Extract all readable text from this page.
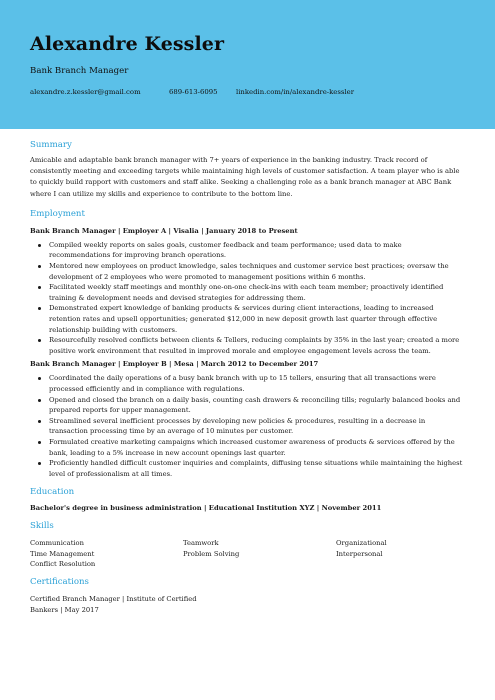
Alexandre Kessler
Bank Branch Manager
alexandre.z.kessler@gmail.com	689-613-6095	linkedin.com/in/alexandre-kessler
Summary

Amicable and adaptable bank branch manager with 7+ years of experience in the banking industry. Track record of consistently meeting and exceeding targets while maintaining high levels of customer satisfaction. A team player who is able to quickly build rapport with customers and staff alike. Seeking a challenging role as a bank branch manager at ABC Bank where I can utilize my skills and experience to contribute to the bottom line.

Employment
Bank Branch Manager | Employer A | Visalia | January 2018 to Present
Compiled weekly reports on sales goals, customer feedback and team performance; used data to make recommendations for improving branch operations.
Mentored new employees on product knowledge, sales techniques and customer service best practices; oversaw the development of 2 employees who were promoted to management positions within 6 months.
Facilitated weekly staff meetings and monthly one-on-one check-ins with each team member; proactively identified training & development needs and devised strategies for addressing them.
Demonstrated expert knowledge of banking products & services during client interactions, leading to increased retention rates and upsell opportunities; generated $12,000 in new deposit growth last quarter through effective relationship building with customers.
Resourcefully resolved conflicts between clients & Tellers, reducing complaints by 35% in the last year; created a more positive work environment that resulted in improved morale and employee engagement levels across the team.
Bank Branch Manager | Employer B | Mesa | March 2012 to December 2017
Coordinated the daily operations of a busy bank branch with up to 15 tellers, ensuring that all transactions were processed efficiently and in compliance with regulations.
Opened and closed the branch on a daily basis, counting cash drawers & reconciling tills; regularly balanced books and prepared reports for upper management.
Streamlined several inefficient processes by developing new policies & procedures, resulting in a decrease in transaction processing time by an average of 10 minutes per customer.
Formulated creative marketing campaigns which increased customer awareness of products & services offered by the bank, leading to a 5% increase in new account openings last quarter.
Proficiently handled difficult customer inquiries and complaints, diffusing tense situations while maintaining the highest level of professionalism at all times.
Education
Bachelor's degree in business administration | Educational Institution XYZ | November 2011
Skills
Communication	Teamwork	Organizational
Time Management	Problem Solving	Interpersonal
Conflict Resolution
Certifications
Certified Branch Manager | Institute of Certified
Bankers | May 2017
